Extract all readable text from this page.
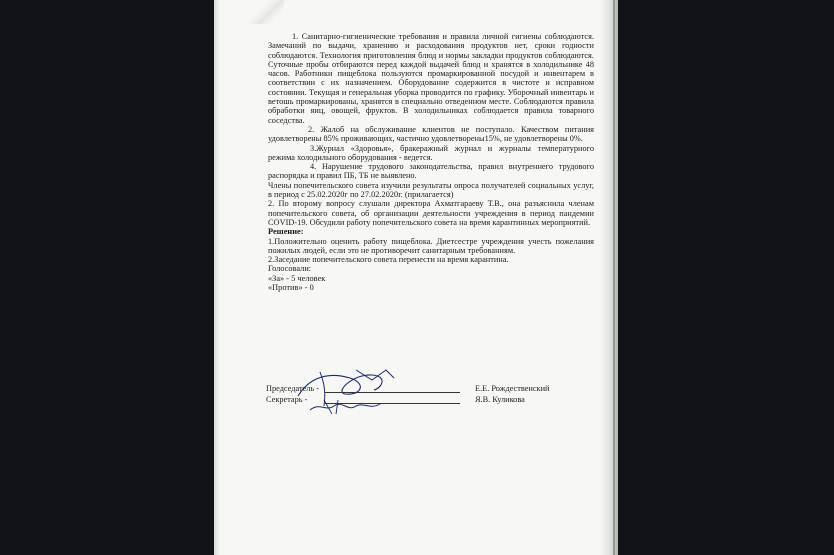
1. Санитарно-гигиенические требования и правила личной гигиены соблюдаются. Замечаний по выдачи, хранению и расходования продуктов нет, сроки годности соблюдаются. Технология приготовления блюд и нормы закладки продуктов соблюдаются. Суточные пробы отбираются перед каждой выдачей блюд и хранятся в холодильнике 48 часов. Работники пищеблока пользуются промаркированной посудой и инвентарем в соответствии с их назначением. Оборудование содержится в чистоте и исправном состоянии. Текущая и генеральная уборка проводится по графику. Уборочный инвентарь и ветошь промаркированы, хранятся в специально отведенном месте. Соблюдаются правила обработки яиц, овощей, фруктов. В холодильниках соблюдается правила товарного соседства.

2. Жалоб на обслуживание клиентов не поступало. Качеством питания удовлетворены 85% проживающих, частично удовлетворены15%, не удовлетворены 0%.

3.Журнал «Здоровья», бракеражный журнал и журналы температурного режима холодильного оборудования - ведется.

4. Нарушение трудового законодательства, правил внутреннего трудового распорядка и правил ПБ, ТБ не выявлено.

Члены попечительского совета изучили результаты опроса получателей социальных услуг, в период с 25.02.2020г по 27.02.2020г. (прилагается)

2. По второму вопросу слушали директора Ахматгараеву Т.В., она разъяснила членам попечительского совета, об организации деятельности учреждения в период пандемии COVID-19. Обсудили работу попечительского совета на время карантинных мероприятий.

Решение:

1.Положительно оценить работу пищеблока. Диетсестре учреждения учесть пожелания пожилых людей, если это не противоречит санитарным требованиям.

2.Заседание попечительского совета перенести на время карантина.

Голосовали:

«За» - 5 человек

«Против» - 0

Председатель -	Е.Е. Рождественский
Секретарь -	Я.В. Куликова
